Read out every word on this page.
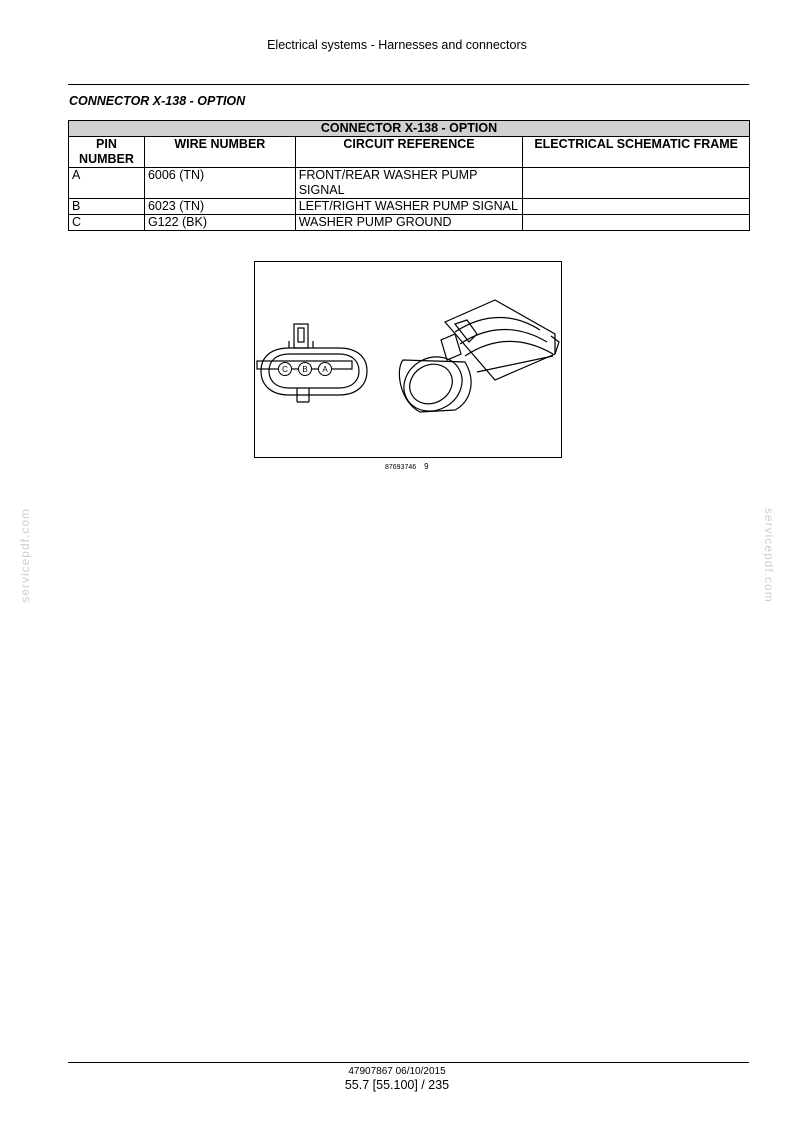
Electrical systems - Harnesses and connectors
CONNECTOR X-138 - OPTION
CONNECTOR X-138 - OPTION			
PIN NUMBER	WIRE NUMBER	CIRCUIT REFERENCE	ELECTRICAL SCHEMATIC FRAME
A	6006 (TN)	FRONT/REAR WASHER PUMP SIGNAL	
B	6023 (TN)	LEFT/RIGHT WASHER PUMP SIGNAL	
C	G122 (BK)	WASHER PUMP GROUND	
C B A
87693746 9
servicepdf.com	servicepdf.com
47907867 06/10/2015
55.7 [55.100] / 235
